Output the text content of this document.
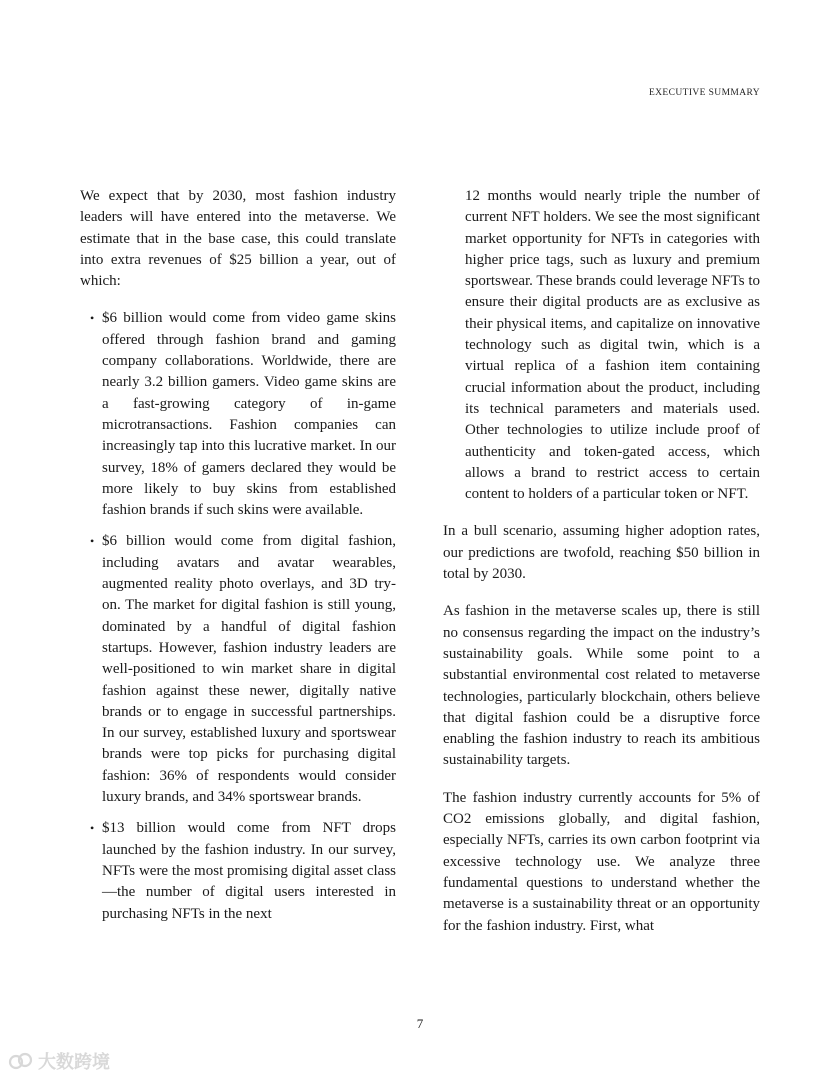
EXECUTIVE SUMMARY

We expect that by 2030, most fashion industry leaders will have entered into the metaverse. We estimate that in the base case, this could translate into extra revenues of $25 billion a year, out of which:

• $6 billion would come from video game skins offered through fashion brand and gaming company collaborations. Worldwide, there are nearly 3.2 billion gamers. Video game skins are a fast-growing category of in-game microtransactions. Fashion companies can increasingly tap into this lucrative market. In our survey, 18% of gamers declared they would be more likely to buy skins from established fashion brands if such skins were available.
• $6 billion would come from digital fashion, including avatars and avatar wearables, augmented reality photo overlays, and 3D try-on. The market for digital fashion is still young, dominated by a handful of digital fashion startups. However, fashion industry leaders are well-positioned to win market share in digital fashion against these newer, digitally native brands or to engage in successful partnerships. In our survey, established luxury and sportswear brands were top picks for purchasing digital fashion: 36% of respondents would consider luxury brands, and 34% sportswear brands.
• $13 billion would come from NFT drops launched by the fashion industry. In our survey, NFTs were the most promising digital asset class—the number of digital users interested in purchasing NFTs in the next

12 months would nearly triple the number of current NFT holders. We see the most significant market opportunity for NFTs in categories with higher price tags, such as luxury and premium sportswear. These brands could leverage NFTs to ensure their digital products are as exclusive as their physical items, and capitalize on innovative technology such as digital twin, which is a virtual replica of a fashion item containing crucial information about the product, including its technical parameters and materials used. Other technologies to utilize include proof of authenticity and token-gated access, which allows a brand to restrict access to certain content to holders of a particular token or NFT.

In a bull scenario, assuming higher adoption rates, our predictions are twofold, reaching $50 billion in total by 2030.

As fashion in the metaverse scales up, there is still no consensus regarding the impact on the industry’s sustainability goals. While some point to a substantial environmental cost related to metaverse technologies, particularly blockchain, others believe that digital fashion could be a disruptive force enabling the fashion industry to reach its ambitious sustainability targets.

The fashion industry currently accounts for 5% of CO2 emissions globally, and digital fashion, especially NFTs, carries its own carbon footprint via excessive technology use. We analyze three fundamental questions to understand whether the metaverse is a sustainability threat or an opportunity for the fashion industry. First, what

7
大数跨境
